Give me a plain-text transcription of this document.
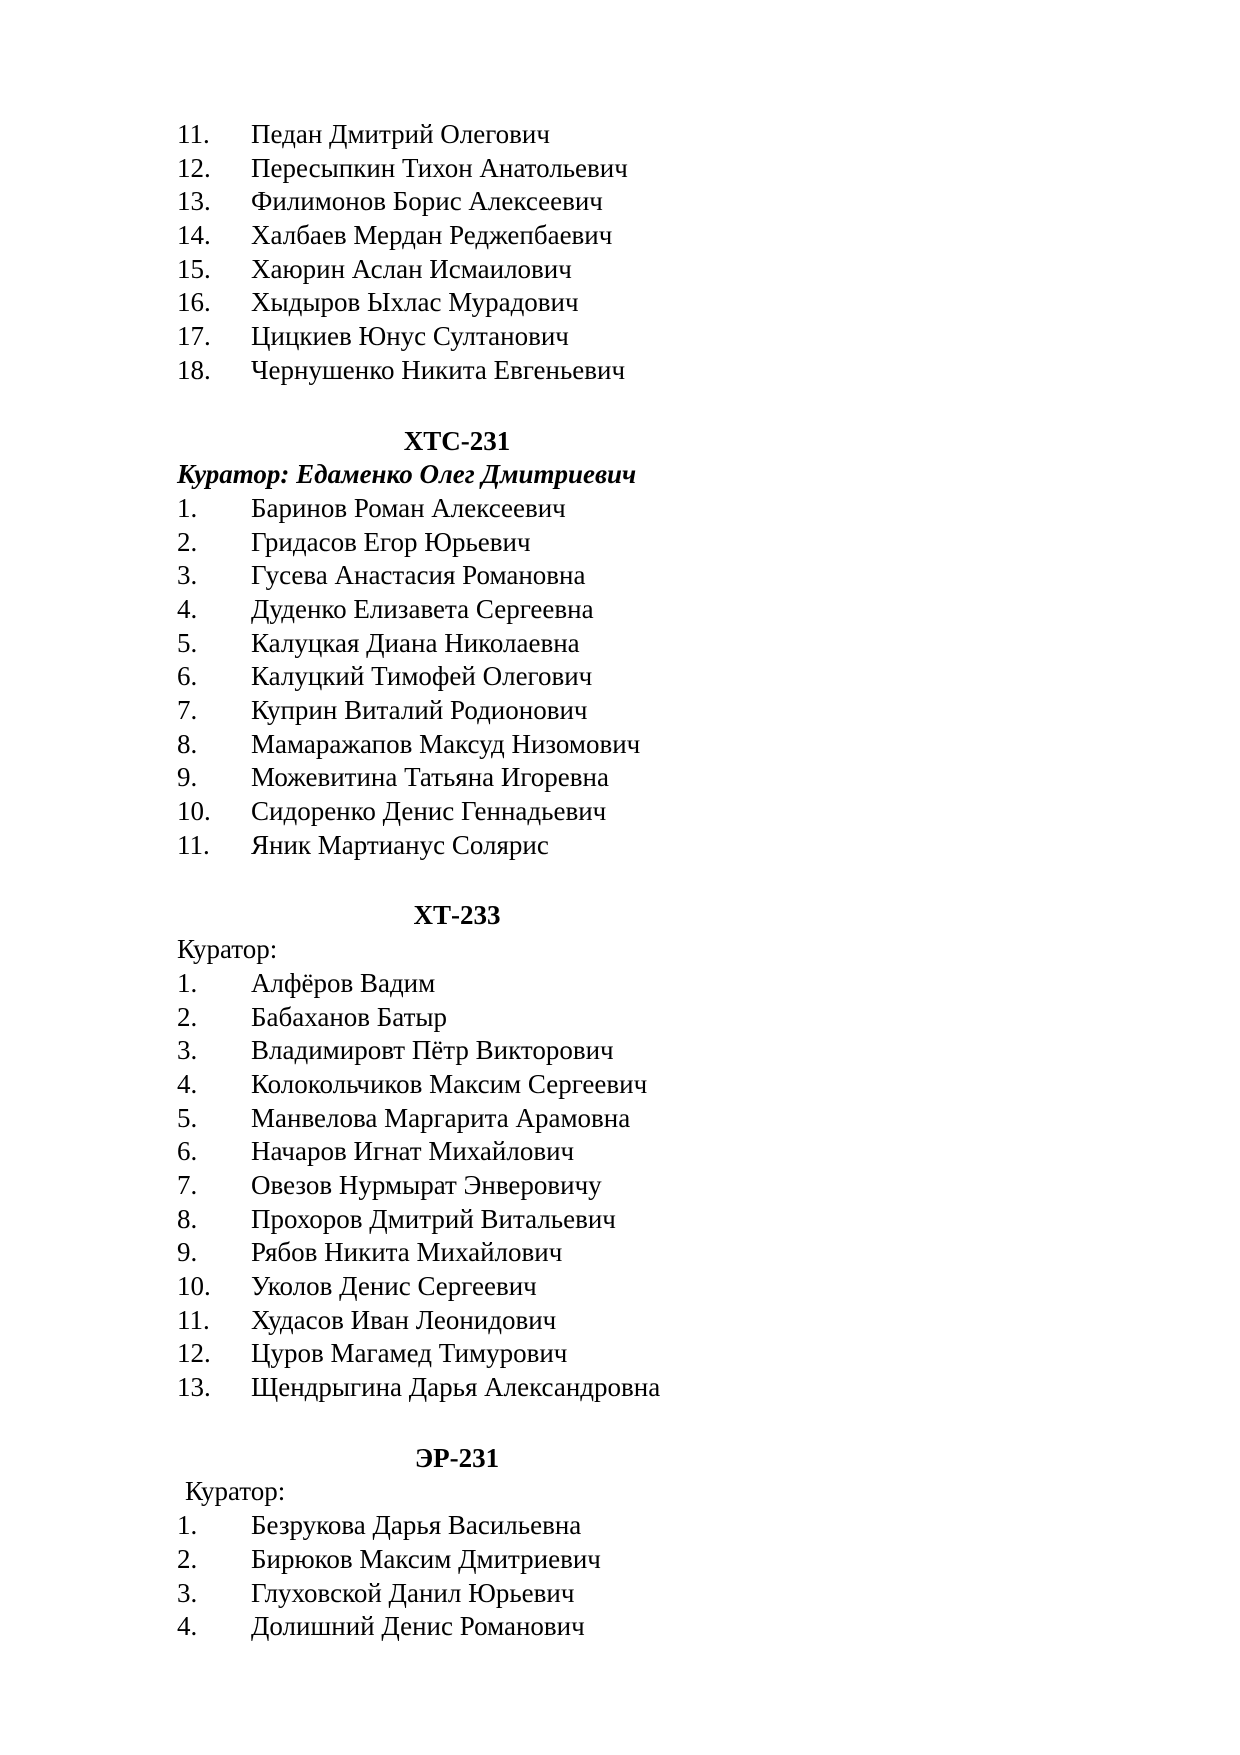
11. Педан Дмитрий Олегович
12. Пересыпкин Тихон Анатольевич
13. Филимонов Борис Алексеевич
14. Халбаев Мердан Реджепбаевич
15. Хаюрин Аслан Исмаилович
16. Хыдыров Ыхлас Мурадович
17. Цицкиев Юнус Султанович
18. Чернушенко Никита Евгеньевич
ХТС-231
Куратор: Едаменко Олег Дмитриевич
1. Баринов Роман Алексеевич
2. Гридасов Егор Юрьевич
3. Гусева Анастасия Романовна
4. Дуденко Елизавета Сергеевна
5. Калуцкая Диана Николаевна
6. Калуцкий Тимофей Олегович
7. Куприн Виталий Родионович
8. Мамаражапов Максуд Низомович
9. Можевитина Татьяна Игоревна
10. Сидоренко Денис Геннадьевич
11. Яник Мартианус Солярис
ХТ-233
Куратор:
1. Алфёров Вадим
2. Бабаханов Батыр
3. Владимировт Пётр Викторович
4. Колокольчиков Максим Сергеевич
5. Манвелова Маргарита Арамовна
6. Начаров Игнат Михайлович
7. Овезов Нурмырат Энверовичу
8. Прохоров Дмитрий Витальевич
9. Рябов Никита Михайлович
10. Уколов Денис Сергеевич
11. Худасов Иван Леонидович
12. Цуров Магамед Тимурович
13. Щендрыгина Дарья Александровна
ЭР-231
Куратор:
1. Безрукова Дарья Васильевна
2. Бирюков Максим Дмитриевич
3. Глуховской Данил Юрьевич
4. Долишний Денис Романович
